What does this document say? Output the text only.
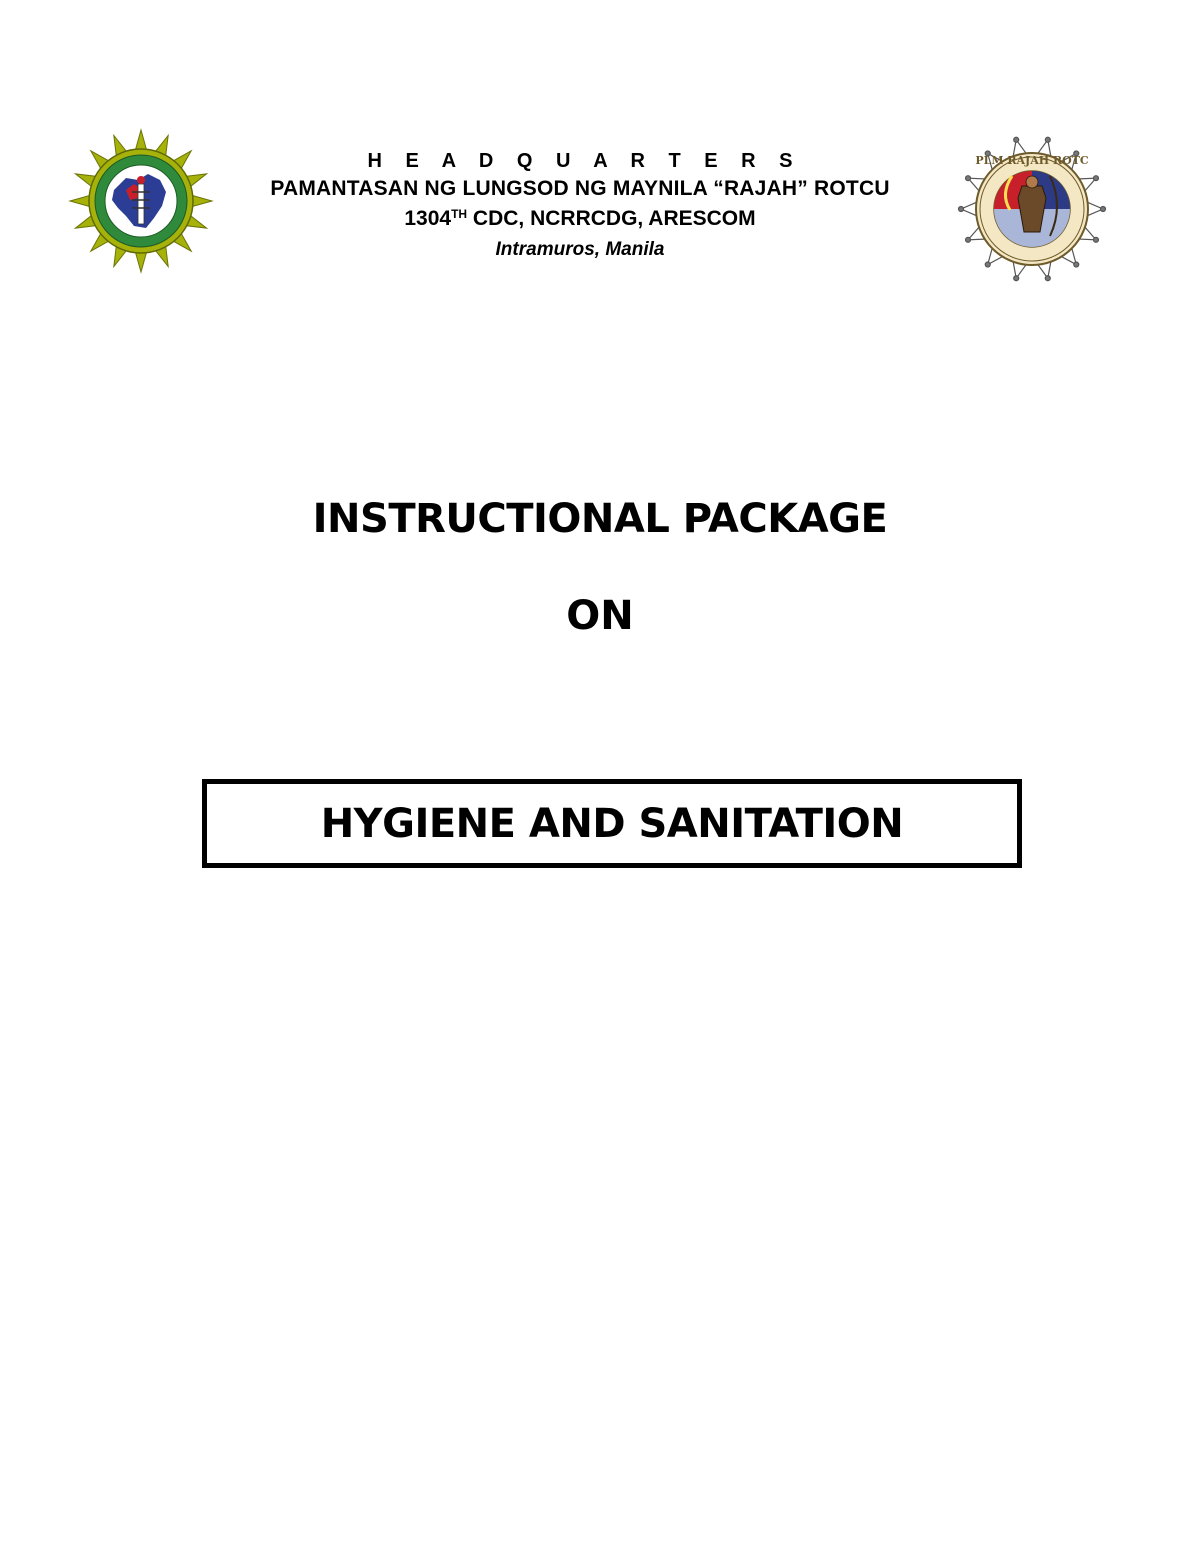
H E A D Q U A R T E R S
PAMANTASAN NG LUNGSOD NG MAYNILA “RAJAH” ROTCU
1304TH CDC, NCRRCDG, ARESCOM
Intramuros, Manila
PLM RAJAH ROTC
INSTRUCTIONAL PACKAGE
ON
HYGIENE AND SANITATION
